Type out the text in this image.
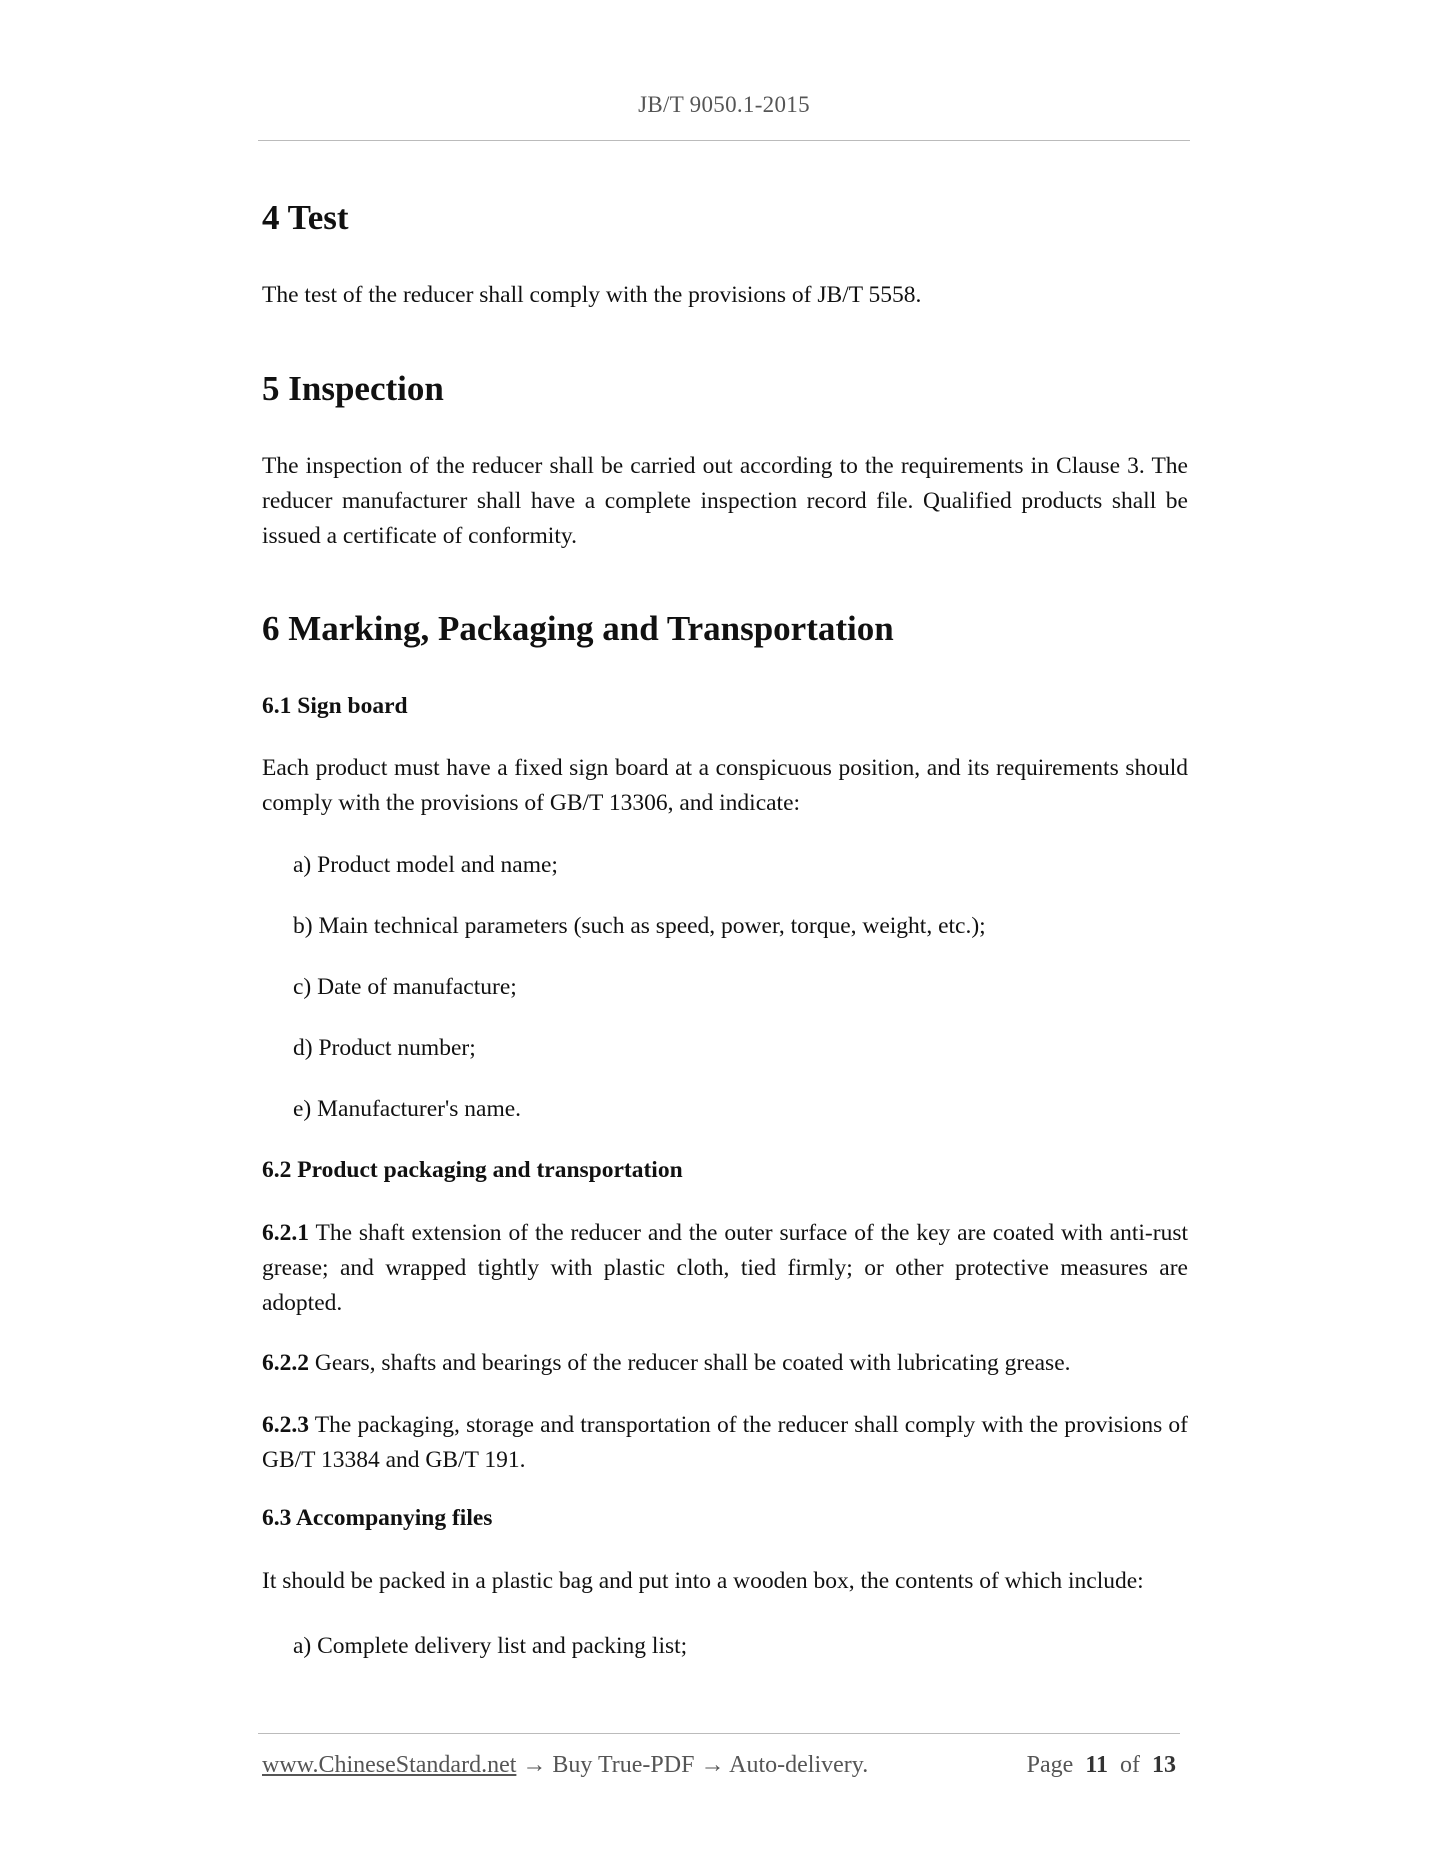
JB/T 9050.1-2015
4 Test

The test of the reducer shall comply with the provisions of JB/T 5558.

5 Inspection

The inspection of the reducer shall be carried out according to the requirements in Clause 3. The reducer manufacturer shall have a complete inspection record file. Qualified products shall be issued a certificate of conformity.

6 Marking, Packaging and Transportation
6.1 Sign board

Each product must have a fixed sign board at a conspicuous position, and its requirements should comply with the provisions of GB/T 13306, and indicate:

a) Product model and name;
b) Main technical parameters (such as speed, power, torque, weight, etc.);
c) Date of manufacture;
d) Product number;
e) Manufacturer's name.
6.2 Product packaging and transportation

6.2.1 The shaft extension of the reducer and the outer surface of the key are coated with anti-rust grease; and wrapped tightly with plastic cloth, tied firmly; or other protective measures are adopted.

6.2.2 Gears, shafts and bearings of the reducer shall be coated with lubricating grease.

6.2.3 The packaging, storage and transportation of the reducer shall comply with the provisions of GB/T 13384 and GB/T 191.

6.3 Accompanying files

It should be packed in a plastic bag and put into a wooden box, the contents of which include:

a) Complete delivery list and packing list;
www.ChineseStandard.net → Buy True-PDF → Auto-delivery.	Page 11 of 13
